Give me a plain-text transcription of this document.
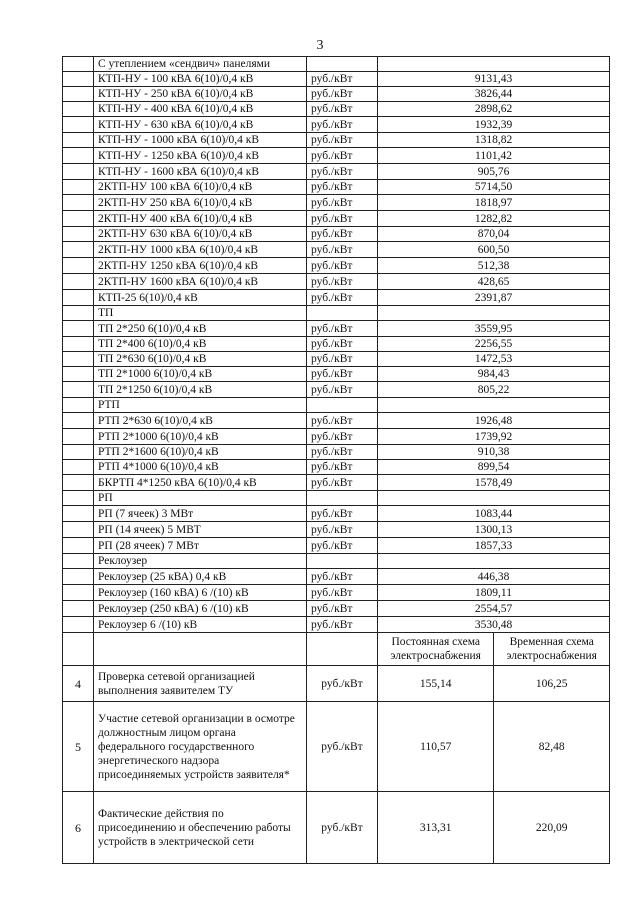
3
	С утеплением «сендвич» панелями			
	КТП-НУ - 100 кВА 6(10)/0,4 кВ	руб./кВт	9131,43	
	КТП-НУ - 250 кВА 6(10)/0,4 кВ	руб./кВт	3826,44	
	КТП-НУ - 400 кВА 6(10)/0,4 кВ	руб./кВт	2898,62	
	КТП-НУ - 630 кВА 6(10)/0,4 кВ	руб./кВт	1932,39	
	КТП-НУ - 1000 кВА 6(10)/0,4 кВ	руб./кВт	1318,82	
	КТП-НУ - 1250 кВА 6(10)/0,4 кВ	руб./кВт	1101,42	
	КТП-НУ - 1600 кВА 6(10)/0,4 кВ	руб./кВт	905,76	
	2КТП-НУ 100 кВА 6(10)/0,4 кВ	руб./кВт	5714,50	
	2КТП-НУ 250 кВА 6(10)/0,4 кВ	руб./кВт	1818,97	
	2КТП-НУ 400 кВА 6(10)/0,4 кВ	руб./кВт	1282,82	
	2КТП-НУ 630 кВА 6(10)/0,4 кВ	руб./кВт	870,04	
	2КТП-НУ 1000 кВА 6(10)/0,4 кВ	руб./кВт	600,50	
	2КТП-НУ 1250 кВА 6(10)/0,4 кВ	руб./кВт	512,38	
	2КТП-НУ 1600 кВА 6(10)/0,4 кВ	руб./кВт	428,65	
	КТП-25 6(10)/0,4 кВ	руб./кВт	2391,87	
	ТП			
	ТП 2*250 6(10)/0,4 кВ	руб./кВт	3559,95	
	ТП 2*400 6(10)/0,4 кВ	руб./кВт	2256,55	
	ТП 2*630 6(10)/0,4 кВ	руб./кВт	1472,53	
	ТП 2*1000 6(10)/0,4 кВ	руб./кВт	984,43	
	ТП 2*1250 6(10)/0,4 кВ	руб./кВт	805,22	
	РТП			
	РТП 2*630 6(10)/0,4 кВ	руб./кВт	1926,48	
	РТП 2*1000 6(10)/0,4 кВ	руб./кВт	1739,92	
	РТП 2*1600 6(10)/0,4 кВ	руб./кВт	910,38	
	РТП 4*1000 6(10)/0,4 кВ	руб./кВт	899,54	
	БКРТП 4*1250 кВА 6(10)/0,4 кВ	руб./кВт	1578,49	
	РП			
	РП (7 ячеек) 3 МВт	руб./кВт	1083,44	
	РП (14 ячеек) 5 МВТ	руб./кВт	1300,13	
	РП (28 ячеек) 7 МВт	руб./кВт	1857,33	
	Реклоузер			
	Реклоузер (25 кВА) 0,4 кВ	руб./кВт	446,38	
	Реклоузер (160 кВА) 6 /(10) кВ	руб./кВт	1809,11	
	Реклоузер (250 кВА) 6 /(10) кВ	руб./кВт	2554,57	
	Реклоузер 6 /(10) кВ	руб./кВт	3530,48	
			Постоянная схема электроснабжения	Временная схема электроснабжения
4	Проверка сетевой организацией выполнения заявителем ТУ	руб./кВт	155,14	106,25
5	Участие сетевой организации в осмотре должностным лицом органа федерального государственного энергетического надзора присоединяемых устройств заявителя*	руб./кВт	110,57	82,48
6	Фактические действия по присоединению и обеспечению работы устройств в электрической сети	руб./кВт	313,31	220,09
